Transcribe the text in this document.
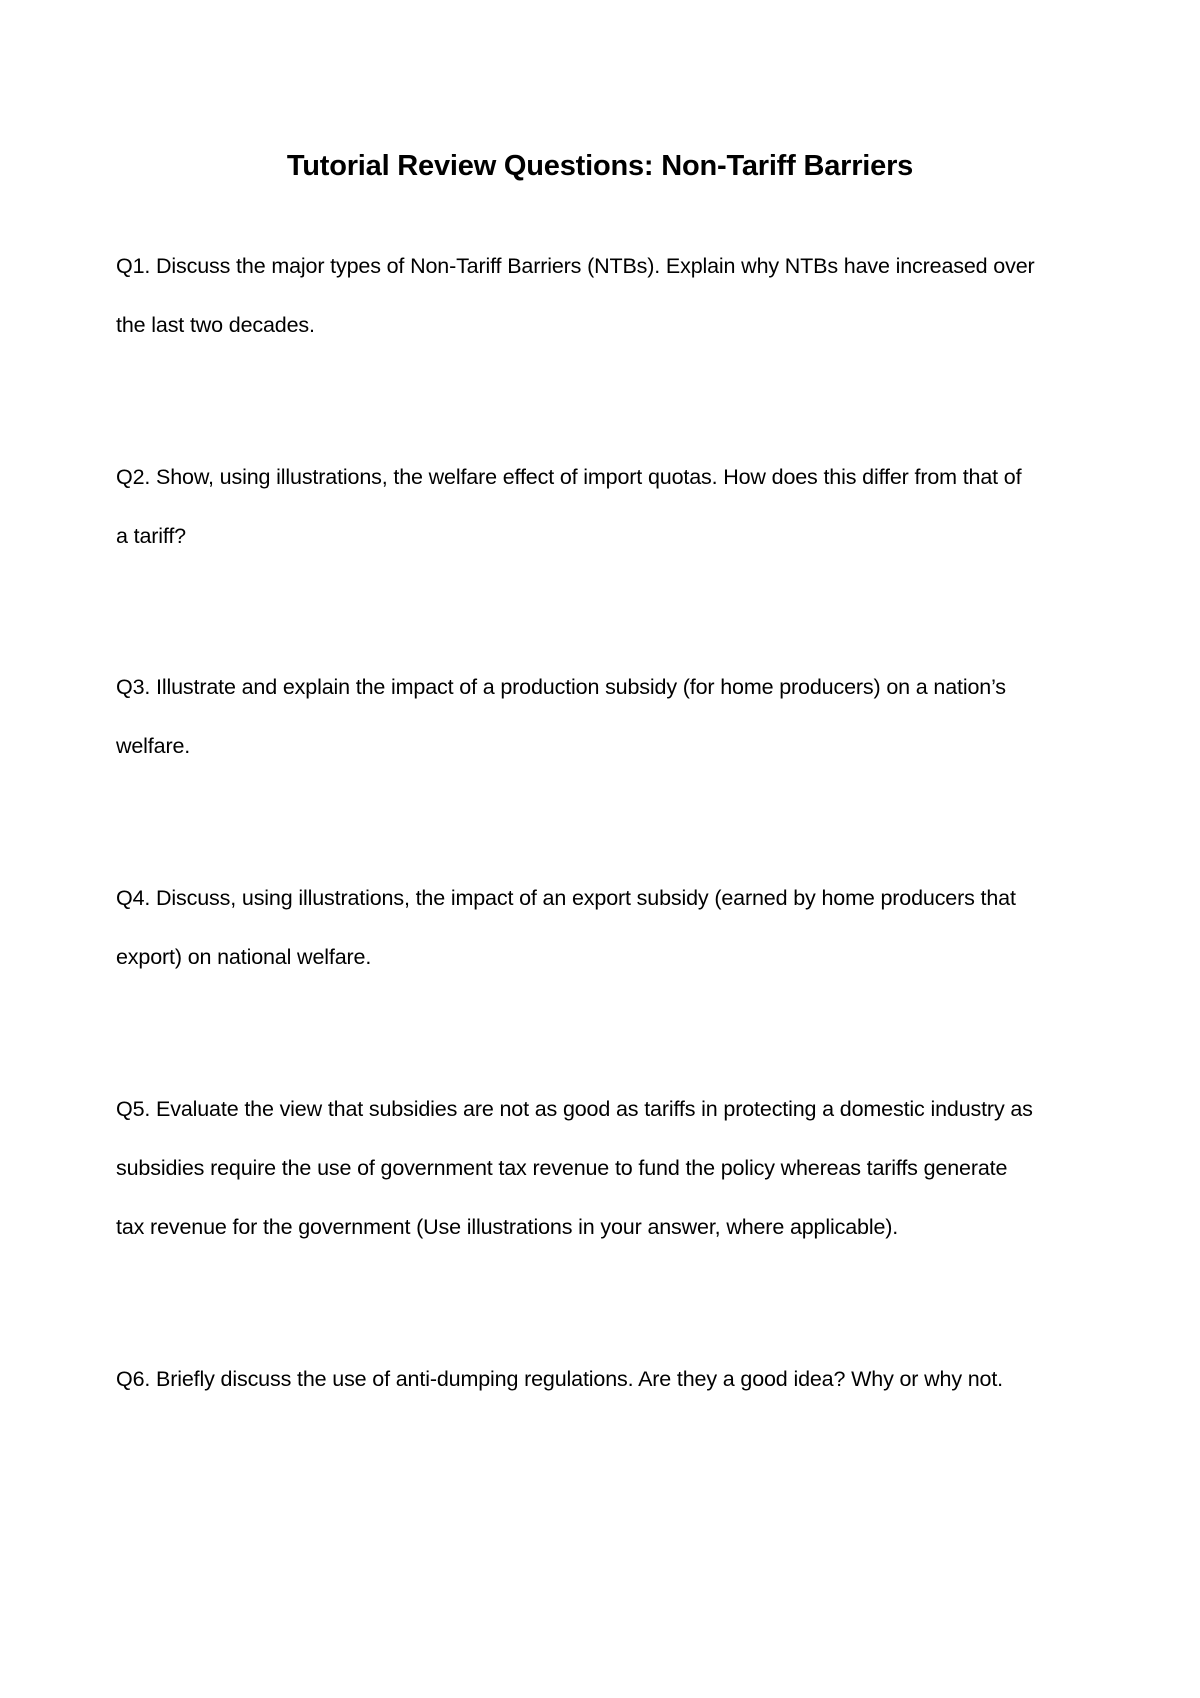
Tutorial Review Questions: Non-Tariff Barriers
Q1. Discuss the major types of Non-Tariff Barriers (NTBs). Explain why NTBs have increased over
the last two decades.
Q2. Show, using illustrations, the welfare effect of import quotas. How does this differ from that of
a tariff?
Q3. Illustrate and explain the impact of a production subsidy (for home producers) on a nation’s
welfare.
Q4. Discuss, using illustrations, the impact of an export subsidy (earned by home producers that
export) on national welfare.
Q5. Evaluate the view that subsidies are not as good as tariffs in protecting a domestic industry as
subsidies require the use of government tax revenue to fund the policy whereas tariffs generate
tax revenue for the government (Use illustrations in your answer, where applicable).
Q6. Briefly discuss the use of anti-dumping regulations. Are they a good idea? Why or why not.
